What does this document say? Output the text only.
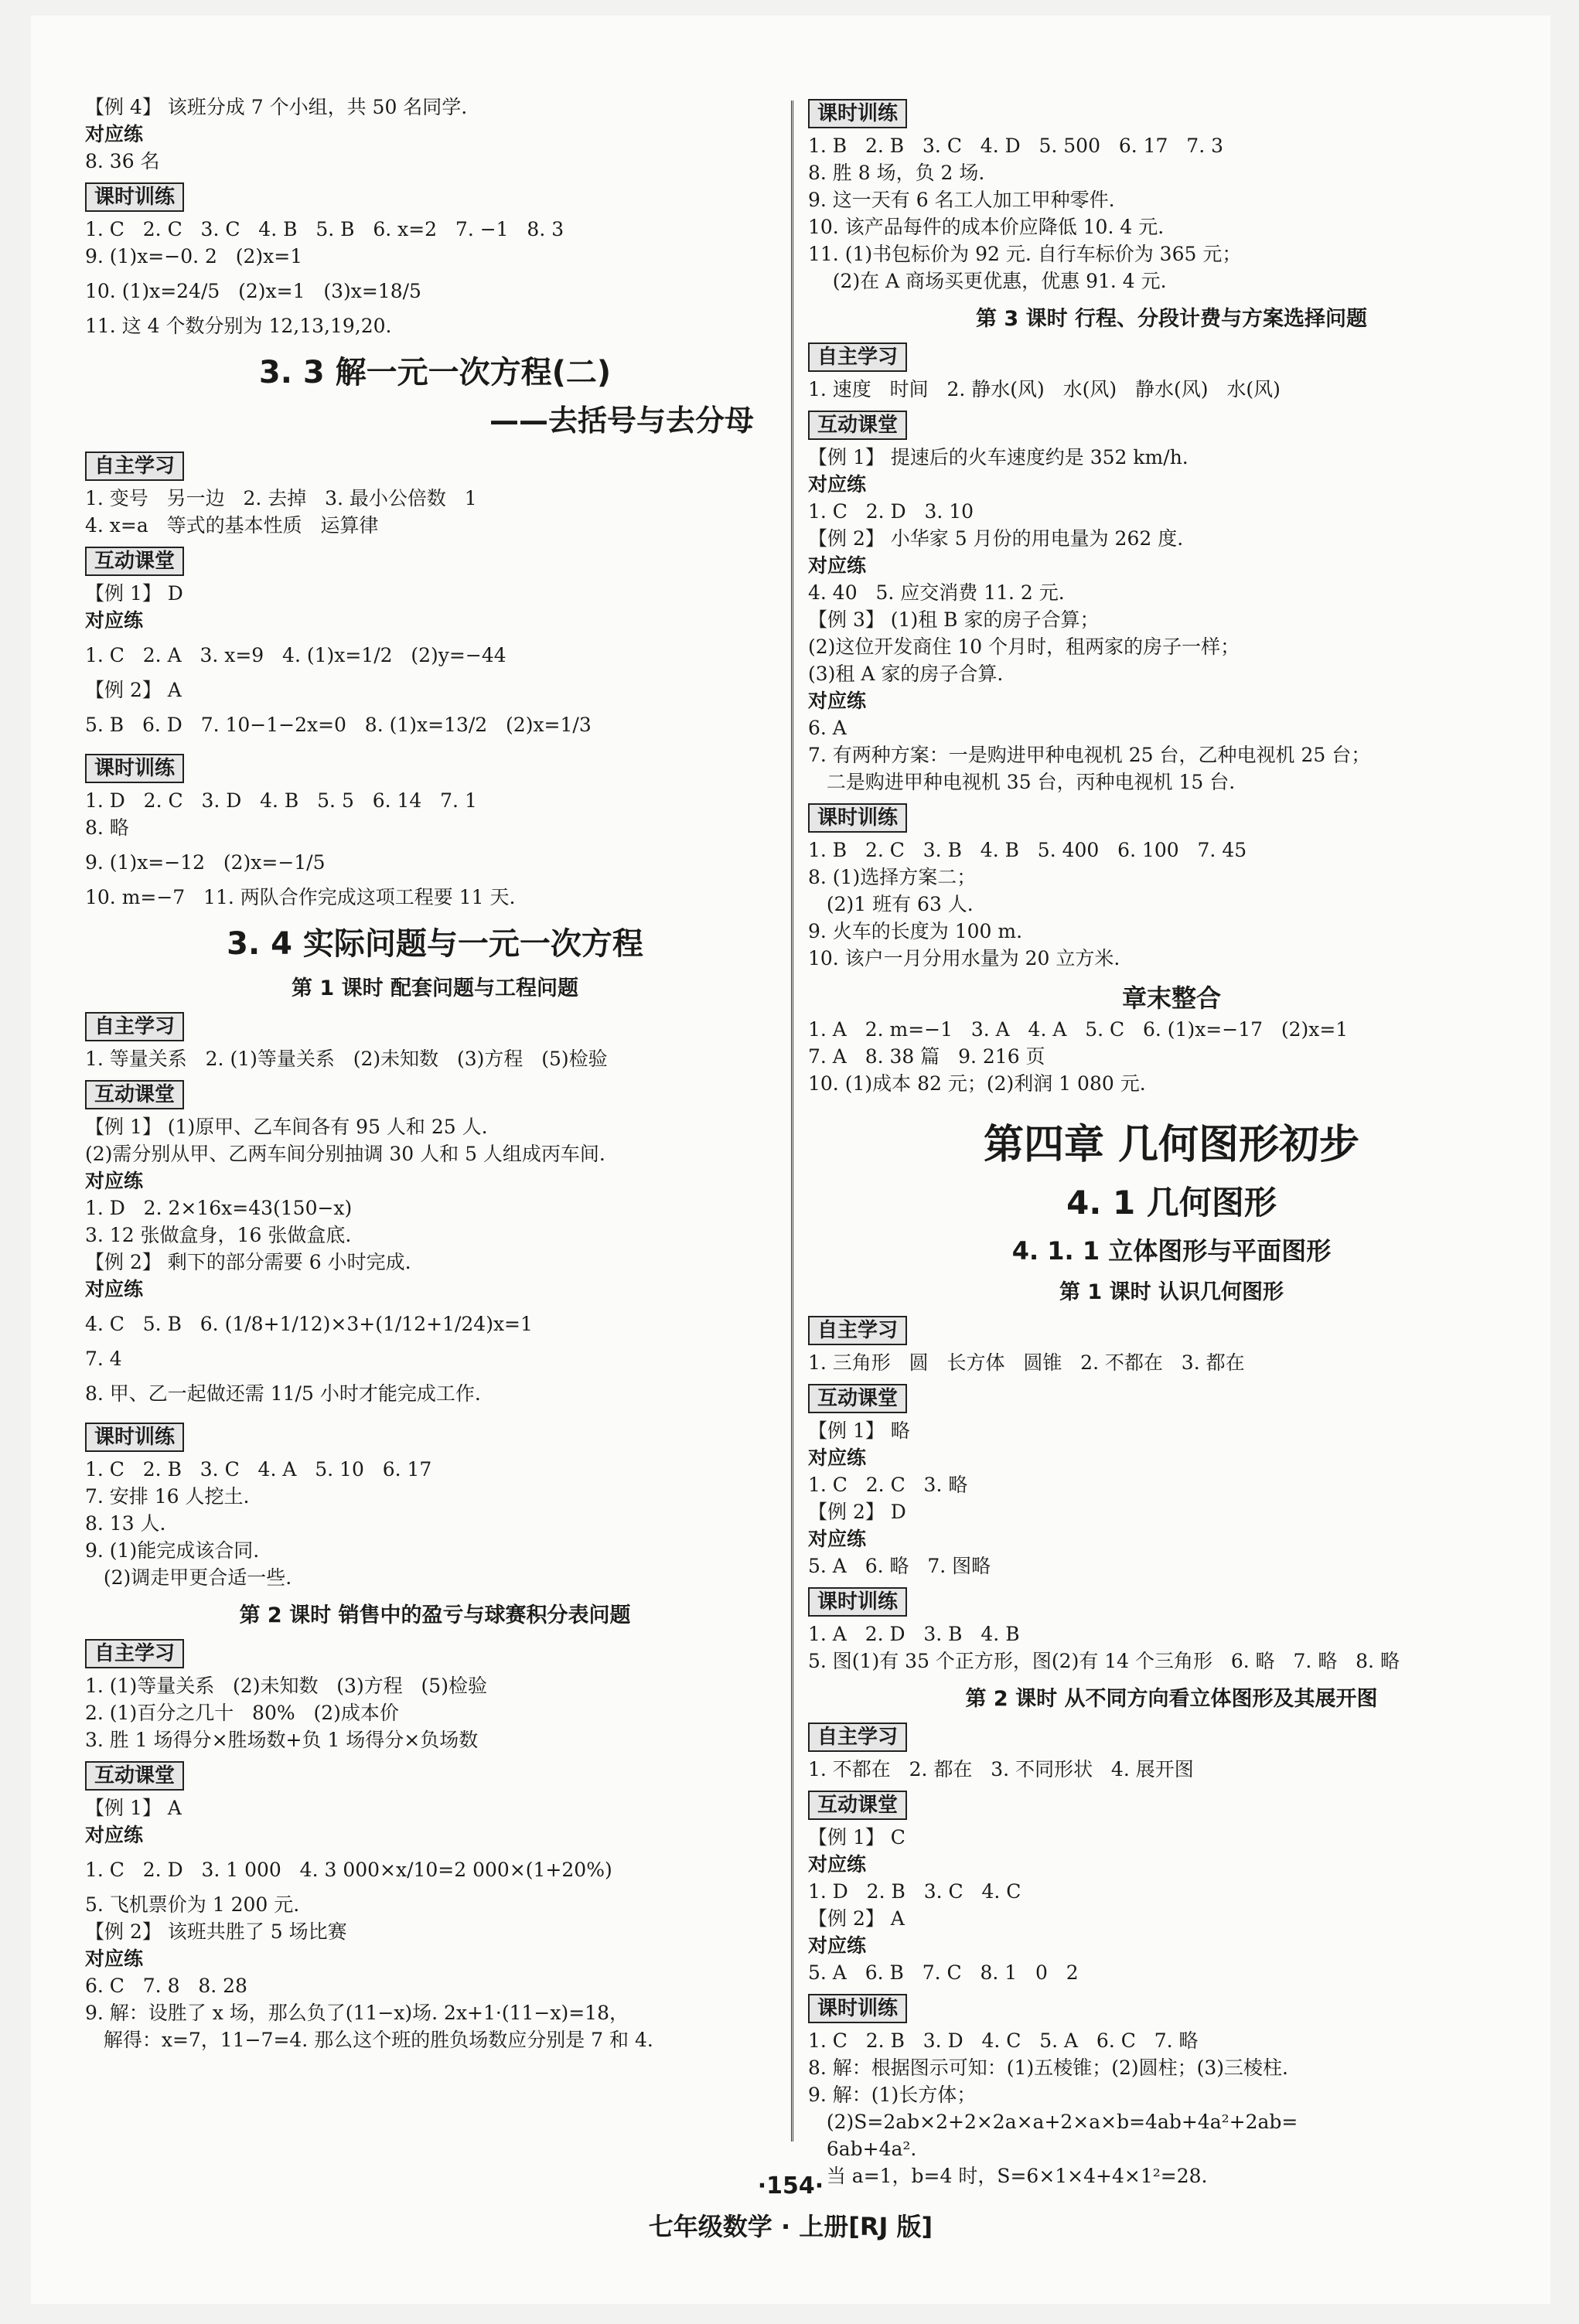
【例 4】 该班分成 7 个小组，共 50 名同学.
对应练
8. 36 名
课时训练
1. C   2. C   3. C   4. B   5. B   6. x=2   7. −1   8. 3
9. (1)x=−0. 2   (2)x=1
10. (1)x=24/5   (2)x=1   (3)x=18/5
11. 这 4 个数分别为 12,13,19,20.
3. 3 解一元一次方程(二)
——去括号与去分母
自主学习
1. 变号   另一边   2. 去掉   3. 最小公倍数   1
4. x=a   等式的基本性质   运算律
互动课堂
【例 1】 D
对应练
1. C   2. A   3. x=9   4. (1)x=1/2   (2)y=−44
【例 2】 A
5. B   6. D   7. 10−1−2x=0   8. (1)x=13/2   (2)x=1/3
课时训练
1. D   2. C   3. D   4. B   5. 5   6. 14   7. 1
8. 略
9. (1)x=−12   (2)x=−1/5
10. m=−7   11. 两队合作完成这项工程要 11 天.
3. 4 实际问题与一元一次方程
第 1 课时 配套问题与工程问题
自主学习
1. 等量关系   2. (1)等量关系   (2)未知数   (3)方程   (5)检验
互动课堂
【例 1】 (1)原甲、乙车间各有 95 人和 25 人.
(2)需分别从甲、乙两车间分别抽调 30 人和 5 人组成丙车间.
对应练
1. D   2. 2×16x=43(150−x)
3. 12 张做盒身，16 张做盒底.
【例 2】 剩下的部分需要 6 小时完成.
对应练
4. C   5. B   6. (1/8+1/12)×3+(1/12+1/24)x=1
7. 4
8. 甲、乙一起做还需 11/5 小时才能完成工作.
课时训练
1. C   2. B   3. C   4. A   5. 10   6. 17
7. 安排 16 人挖土.
8. 13 人.
9. (1)能完成该合同.
(2)调走甲更合适一些.
第 2 课时 销售中的盈亏与球赛积分表问题
自主学习
1. (1)等量关系   (2)未知数   (3)方程   (5)检验
2. (1)百分之几十   80%   (2)成本价
3. 胜 1 场得分×胜场数+负 1 场得分×负场数
互动课堂
【例 1】 A
对应练
1. C   2. D   3. 1 000   4. 3 000×x/10=2 000×(1+20%)
5. 飞机票价为 1 200 元.
【例 2】 该班共胜了 5 场比赛
对应练
6. C   7. 8   8. 28
9. 解：设胜了 x 场，那么负了(11−x)场. 2x+1·(11−x)=18，
解得：x=7，11−7=4. 那么这个班的胜负场数应分别是 7 和 4.
课时训练
1. B   2. B   3. C   4. D   5. 500   6. 17   7. 3
8. 胜 8 场，负 2 场.
9. 这一天有 6 名工人加工甲种零件.
10. 该产品每件的成本价应降低 10. 4 元.
11. (1)书包标价为 92 元. 自行车标价为 365 元；
(2)在 A 商场买更优惠，优惠 91. 4 元.
第 3 课时 行程、分段计费与方案选择问题
自主学习
1. 速度   时间   2. 静水(风)   水(风)   静水(风)   水(风)
互动课堂
【例 1】 提速后的火车速度约是 352 km/h.
对应练
1. C   2. D   3. 10
【例 2】 小华家 5 月份的用电量为 262 度.
对应练
4. 40   5. 应交消费 11. 2 元.
【例 3】 (1)租 B 家的房子合算；
(2)这位开发商住 10 个月时，租两家的房子一样；
(3)租 A 家的房子合算.
对应练
6. A
7. 有两种方案：一是购进甲种电视机 25 台，乙种电视机 25 台；
二是购进甲种电视机 35 台，丙种电视机 15 台.
课时训练
1. B   2. C   3. B   4. B   5. 400   6. 100   7. 45
8. (1)选择方案二；
(2)1 班有 63 人.
9. 火车的长度为 100 m.
10. 该户一月分用水量为 20 立方米.
章末整合
1. A   2. m=−1   3. A   4. A   5. C   6. (1)x=−17   (2)x=1
7. A   8. 38 篇   9. 216 页
10. (1)成本 82 元；(2)利润 1 080 元.
第四章 几何图形初步
4. 1 几何图形
4. 1. 1 立体图形与平面图形
第 1 课时 认识几何图形
自主学习
1. 三角形   圆   长方体   圆锥   2. 不都在   3. 都在
互动课堂
【例 1】 略
对应练
1. C   2. C   3. 略
【例 2】 D
对应练
5. A   6. 略   7. 图略
课时训练
1. A   2. D   3. B   4. B
5. 图(1)有 35 个正方形，图(2)有 14 个三角形   6. 略   7. 略   8. 略
第 2 课时 从不同方向看立体图形及其展开图
自主学习
1. 不都在   2. 都在   3. 不同形状   4. 展开图
互动课堂
【例 1】 C
对应练
1. D   2. B   3. C   4. C
【例 2】 A
对应练
5. A   6. B   7. C   8. 1   0   2
课时训练
1. C   2. B   3. D   4. C   5. A   6. C   7. 略
8. 解：根据图示可知：(1)五棱锥；(2)圆柱；(3)三棱柱.
9. 解：(1)长方体；
(2)S=2ab×2+2×2a×a+2×a×b=4ab+4a²+2ab=
6ab+4a².
当 a=1，b=4 时，S=6×1×4+4×1²=28.
·154·
七年级数学 · 上册[RJ 版]
